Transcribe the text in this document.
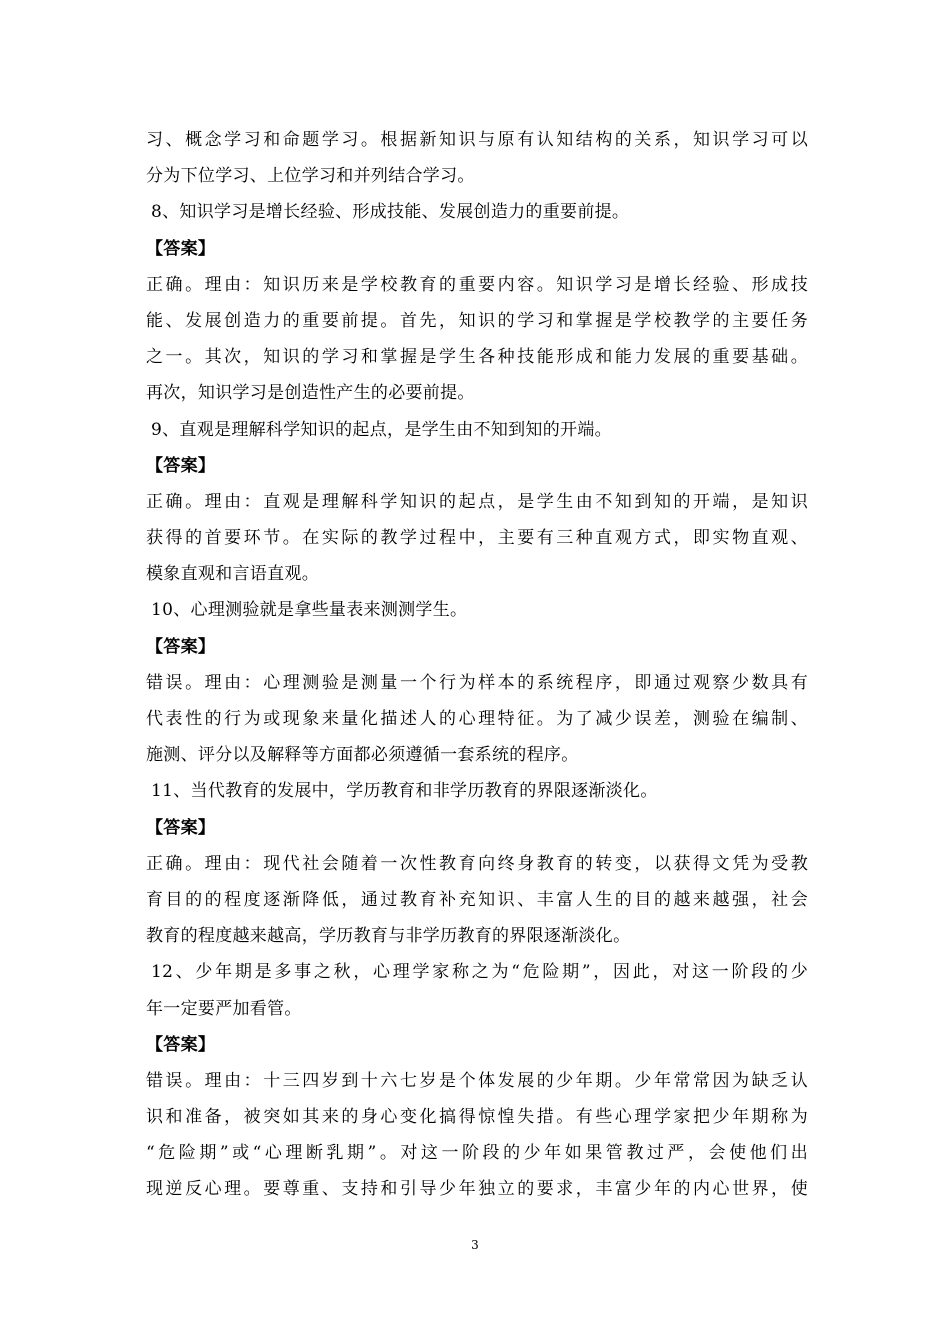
习、概念学习和命题学习。根据新知识与原有认知结构的关系，知识学习可以
分为下位学习、上位学习和并列结合学习。
8、知识学习是增长经验、形成技能、发展创造力的重要前提。
【答案】
正确。理由：知识历来是学校教育的重要内容。知识学习是增长经验、形成技
能、发展创造力的重要前提。首先，知识的学习和掌握是学校教学的主要任务
之一。其次，知识的学习和掌握是学生各种技能形成和能力发展的重要基础。
再次，知识学习是创造性产生的必要前提。
9、直观是理解科学知识的起点，是学生由不知到知的开端。
【答案】
正确。理由：直观是理解科学知识的起点，是学生由不知到知的开端，是知识
获得的首要环节。在实际的教学过程中，主要有三种直观方式，即实物直观、
模象直观和言语直观。
10、心理测验就是拿些量表来测测学生。
【答案】
错误。理由：心理测验是测量一个行为样本的系统程序，即通过观察少数具有
代表性的行为或现象来量化描述人的心理特征。为了减少误差，测验在编制、
施测、评分以及解释等方面都必须遵循一套系统的程序。
11、当代教育的发展中，学历教育和非学历教育的界限逐渐淡化。
【答案】
正确。理由：现代社会随着一次性教育向终身教育的转变，以获得文凭为受教
育目的的程度逐渐降低，通过教育补充知识、丰富人生的目的越来越强，社会
教育的程度越来越高，学历教育与非学历教育的界限逐渐淡化。
12、少年期是多事之秋，心理学家称之为“危险期”，因此，对这一阶段的少
年一定要严加看管。
【答案】
错误。理由：十三四岁到十六七岁是个体发展的少年期。少年常常因为缺乏认
识和准备，被突如其来的身心变化搞得惊惶失措。有些心理学家把少年期称为
“危险期”或“心理断乳期”。对这一阶段的少年如果管教过严，会使他们出
现逆反心理。要尊重、支持和引导少年独立的要求，丰富少年的内心世界，使
3
